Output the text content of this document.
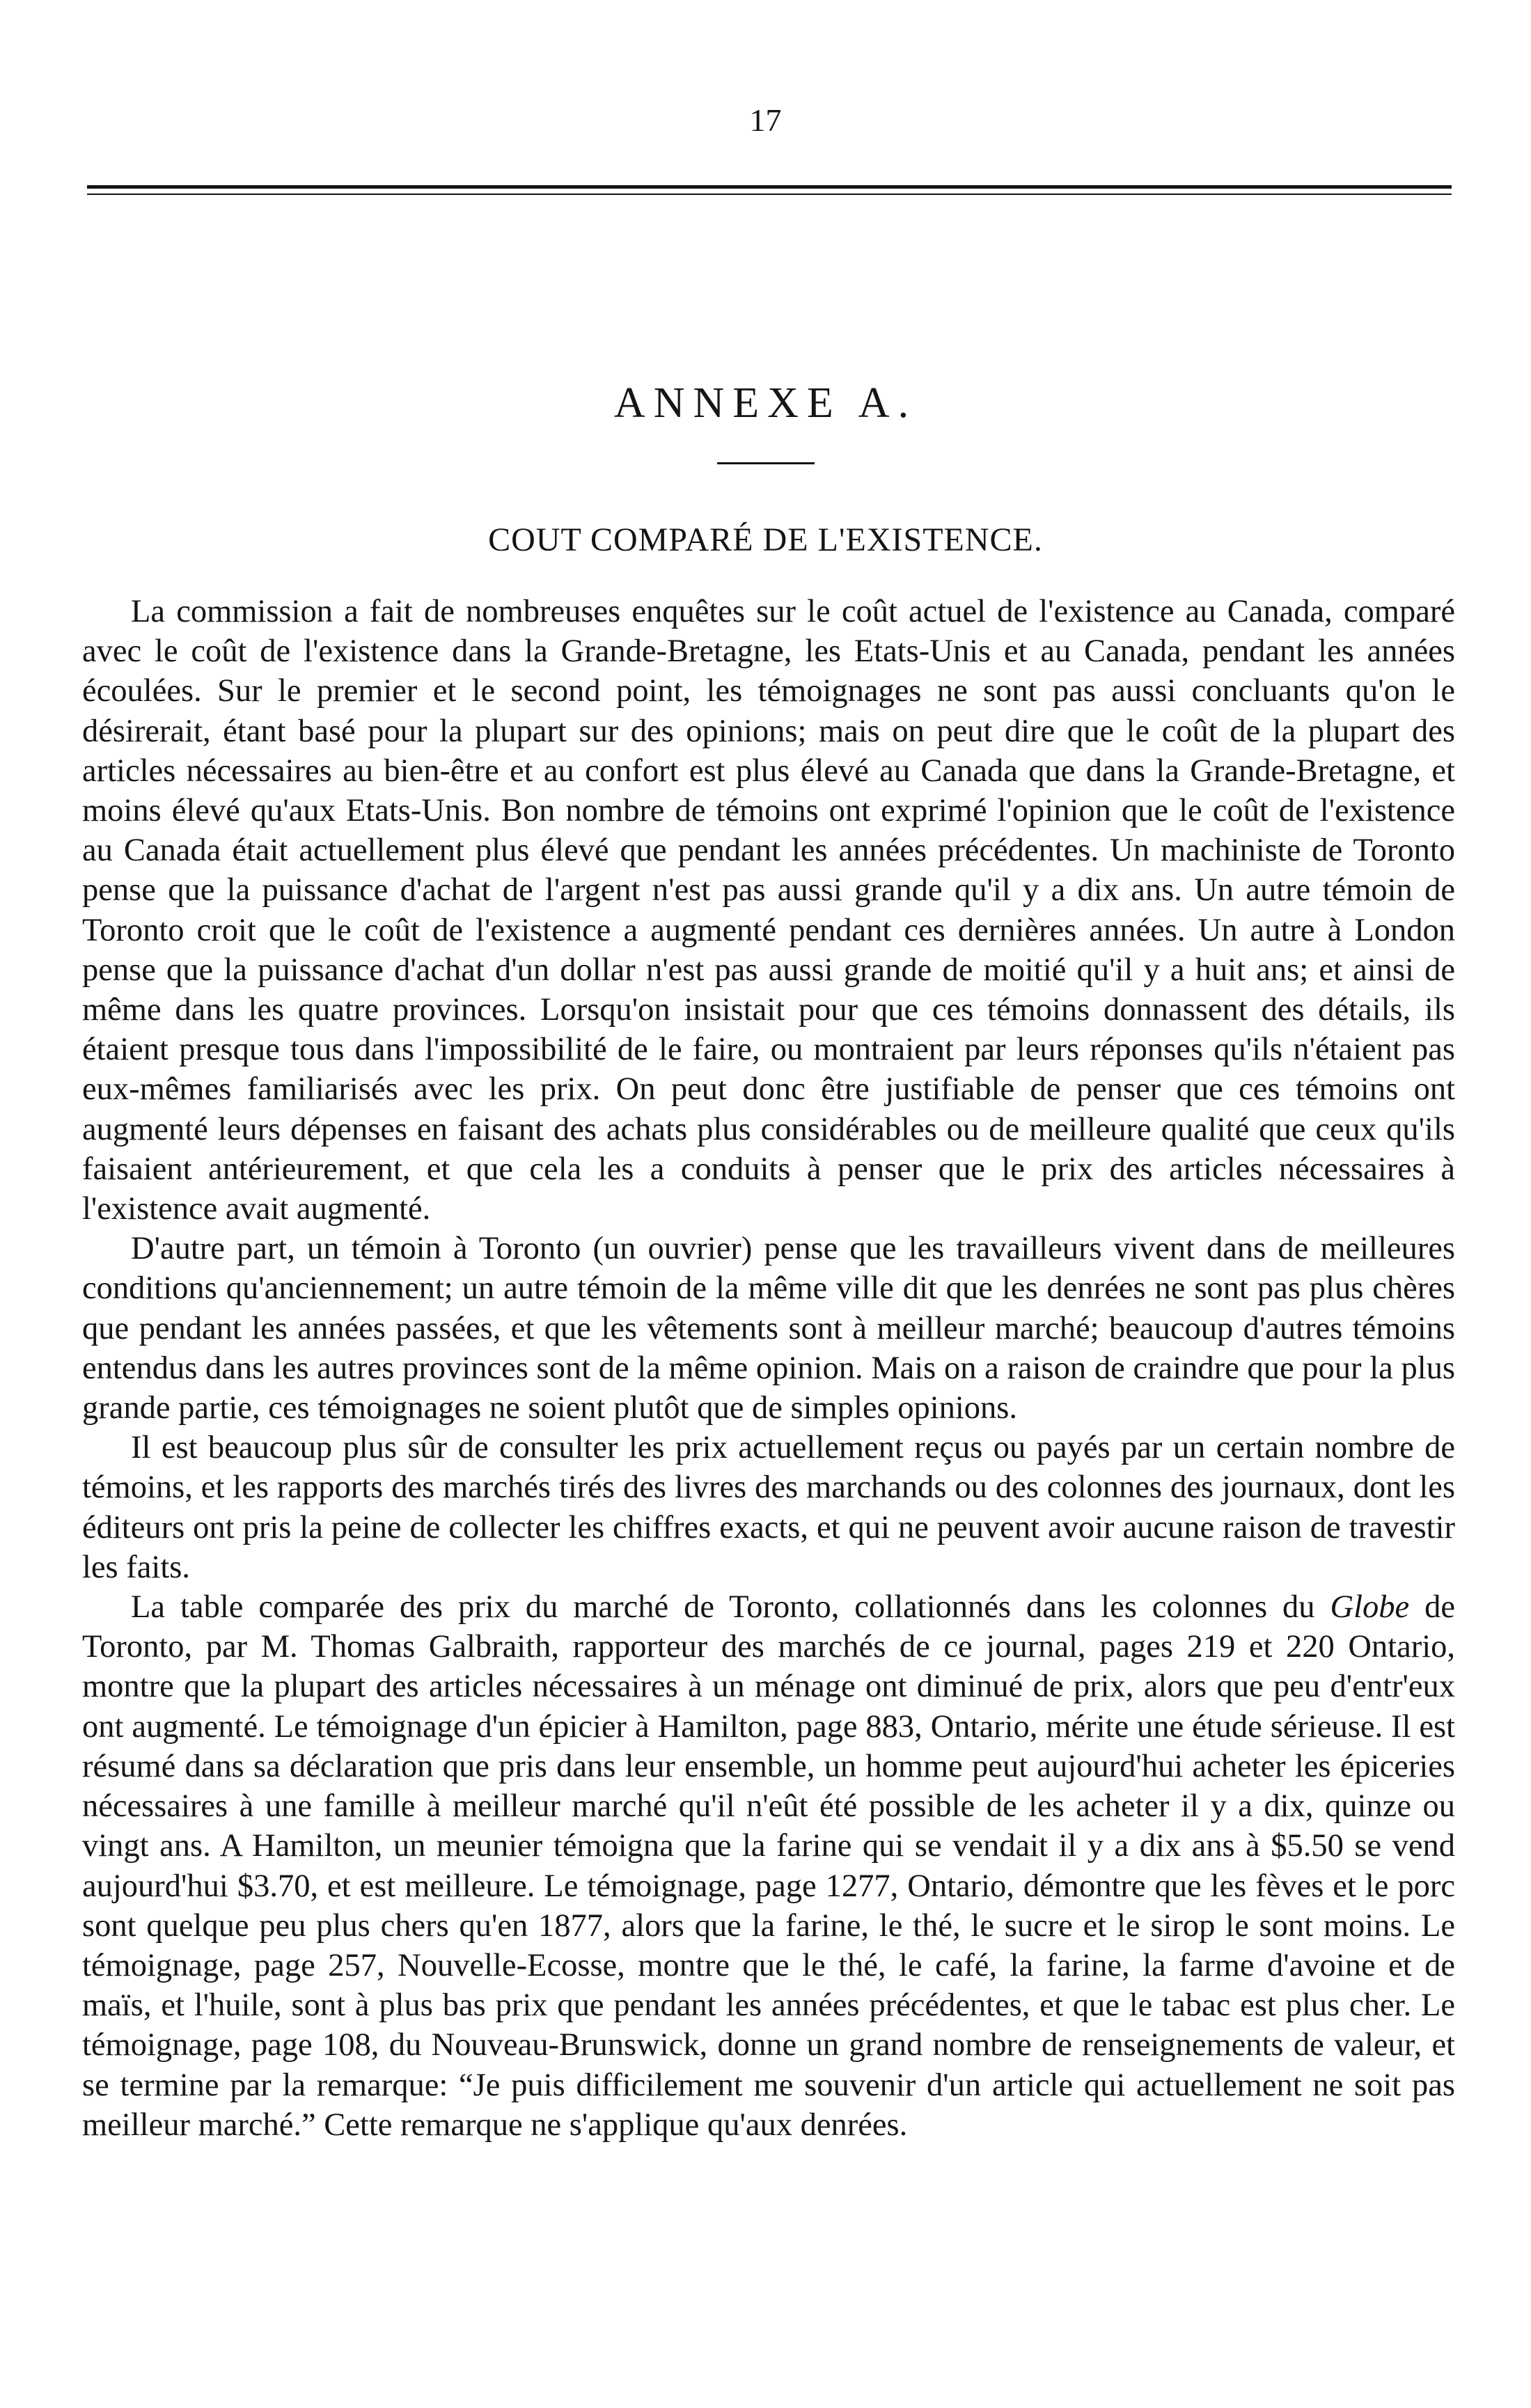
17
ANNEXE A.
COUT COMPARÉ DE L'EXISTENCE.

La commission a fait de nombreuses enquêtes sur le coût actuel de l'existence au Canada, comparé avec le coût de l'existence dans la Grande-Bretagne, les Etats-Unis et au Canada, pendant les années écoulées. Sur le premier et le second point, les témoignages ne sont pas aussi concluants qu'on le désirerait, étant basé pour la plupart sur des opinions; mais on peut dire que le coût de la plupart des articles nécessaires au bien-être et au confort est plus élevé au Canada que dans la Grande-Bretagne, et moins élevé qu'aux Etats-Unis. Bon nombre de témoins ont exprimé l'opinion que le coût de l'existence au Canada était actuellement plus élevé que pendant les années précédentes. Un machiniste de Toronto pense que la puissance d'achat de l'argent n'est pas aussi grande qu'il y a dix ans. Un autre témoin de Toronto croit que le coût de l'existence a augmenté pendant ces dernières années. Un autre à London pense que la puissance d'achat d'un dollar n'est pas aussi grande de moitié qu'il y a huit ans; et ainsi de même dans les quatre provinces. Lorsqu'on insistait pour que ces témoins donnassent des détails, ils étaient presque tous dans l'impossibilité de le faire, ou montraient par leurs réponses qu'ils n'étaient pas eux-mêmes familiarisés avec les prix. On peut donc être justifiable de penser que ces témoins ont augmenté leurs dépenses en faisant des achats plus considérables ou de meilleure qualité que ceux qu'ils faisaient antérieurement, et que cela les a conduits à penser que le prix des articles nécessaires à l'existence avait augmenté.

D'autre part, un témoin à Toronto (un ouvrier) pense que les travailleurs vivent dans de meilleures conditions qu'anciennement; un autre témoin de la même ville dit que les denrées ne sont pas plus chères que pendant les années passées, et que les vêtements sont à meilleur marché; beaucoup d'autres témoins entendus dans les autres provinces sont de la même opinion. Mais on a raison de craindre que pour la plus grande partie, ces témoignages ne soient plutôt que de simples opinions.

Il est beaucoup plus sûr de consulter les prix actuellement reçus ou payés par un certain nombre de témoins, et les rapports des marchés tirés des livres des marchands ou des colonnes des journaux, dont les éditeurs ont pris la peine de collecter les chiffres exacts, et qui ne peuvent avoir aucune raison de travestir les faits.

La table comparée des prix du marché de Toronto, collationnés dans les colonnes du Globe de Toronto, par M. Thomas Galbraith, rapporteur des marchés de ce journal, pages 219 et 220 Ontario, montre que la plupart des articles nécessaires à un ménage ont diminué de prix, alors que peu d'entr'eux ont augmenté. Le témoignage d'un épicier à Hamilton, page 883, Ontario, mérite une étude sérieuse. Il est résumé dans sa déclaration que pris dans leur ensemble, un homme peut aujourd'hui acheter les épiceries nécessaires à une famille à meilleur marché qu'il n'eût été possible de les acheter il y a dix, quinze ou vingt ans. A Hamilton, un meunier témoigna que la farine qui se vendait il y a dix ans à $5.50 se vend aujourd'hui $3.70, et est meilleure. Le témoignage, page 1277, Ontario, démontre que les fèves et le porc sont quelque peu plus chers qu'en 1877, alors que la farine, le thé, le sucre et le sirop le sont moins. Le témoignage, page 257, Nouvelle-Ecosse, montre que le thé, le café, la farine, la farme d'avoine et de maïs, et l'huile, sont à plus bas prix que pendant les années précédentes, et que le tabac est plus cher. Le témoignage, page 108, du Nouveau-Brunswick, donne un grand nombre de renseignements de valeur, et se termine par la remarque: “Je puis difficilement me souvenir d'un article qui actuellement ne soit pas meilleur marché.” Cette remarque ne s'applique qu'aux denrées.
